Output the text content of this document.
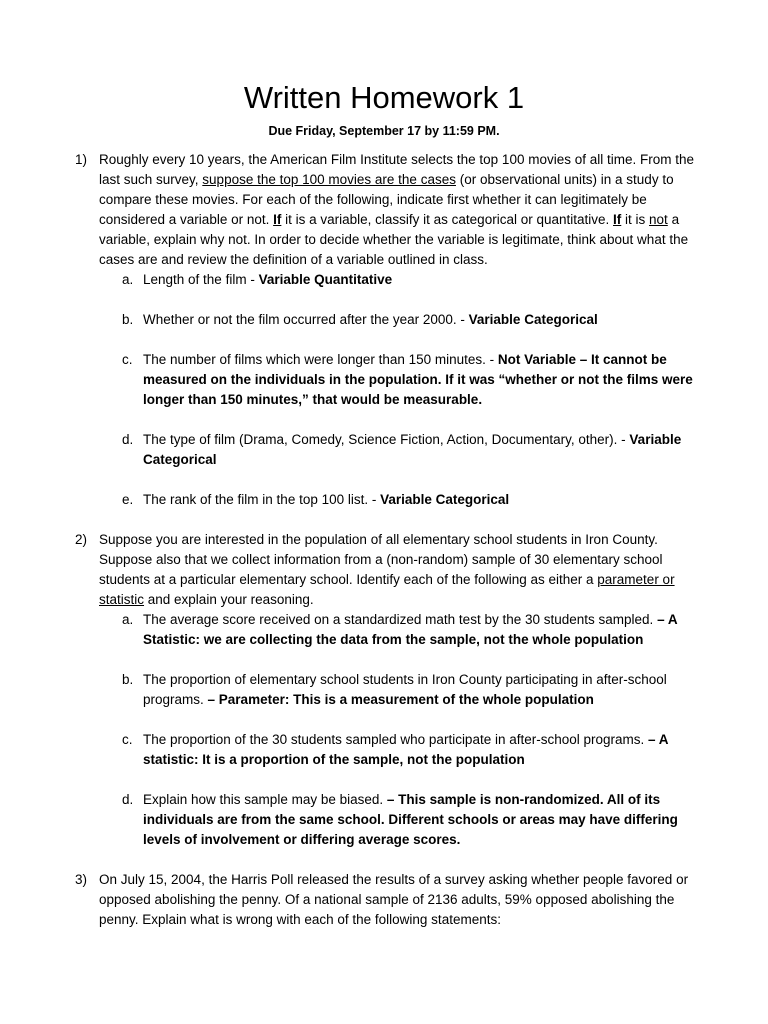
Written Homework 1
Due Friday, September 17 by 11:59 PM.
1) Roughly every 10 years, the American Film Institute selects the top 100 movies of all time. From the last such survey, suppose the top 100 movies are the cases (or observational units) in a study to compare these movies. For each of the following, indicate first whether it can legitimately be considered a variable or not. If it is a variable, classify it as categorical or quantitative. If it is not a variable, explain why not. In order to decide whether the variable is legitimate, think about what the cases are and review the definition of a variable outlined in class.
a. Length of the film - Variable Quantitative
b. Whether or not the film occurred after the year 2000. - Variable Categorical
c. The number of films which were longer than 150 minutes. - Not Variable – It cannot be measured on the individuals in the population. If it was “whether or not the films were longer than 150 minutes,” that would be measurable.
d. The type of film (Drama, Comedy, Science Fiction, Action, Documentary, other). - Variable Categorical
e. The rank of the film in the top 100 list. - Variable Categorical
2) Suppose you are interested in the population of all elementary school students in Iron County. Suppose also that we collect information from a (non-random) sample of 30 elementary school students at a particular elementary school. Identify each of the following as either a parameter or statistic and explain your reasoning.
a. The average score received on a standardized math test by the 30 students sampled. – A Statistic: we are collecting the data from the sample, not the whole population
b. The proportion of elementary school students in Iron County participating in after-school programs. – Parameter: This is a measurement of the whole population
c. The proportion of the 30 students sampled who participate in after-school programs. – A statistic: It is a proportion of the sample, not the population
d. Explain how this sample may be biased. – This sample is non-randomized. All of its individuals are from the same school. Different schools or areas may have differing levels of involvement or differing average scores.
3) On July 15, 2004, the Harris Poll released the results of a survey asking whether people favored or opposed abolishing the penny. Of a national sample of 2136 adults, 59% opposed abolishing the penny. Explain what is wrong with each of the following statements:
